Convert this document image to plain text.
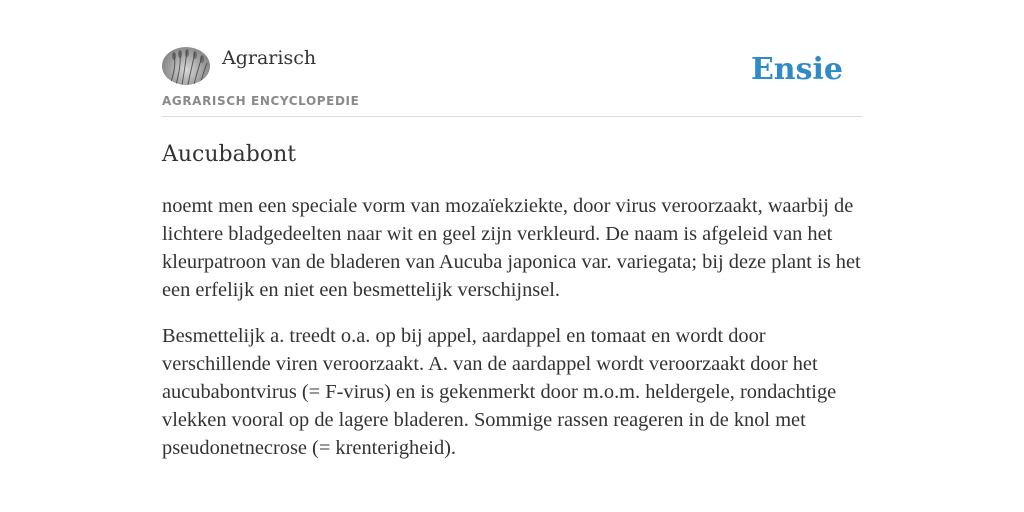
Agrarisch
AGRARISCH ENCYCLOPEDIE
Ensie
Aucubabont

noemt men een speciale vorm van mozaïekziekte, door virus veroorzaakt, waarbij de lichtere bladgedeelten naar wit en geel zijn verkleurd. De naam is afgeleid van het kleurpatroon van de bladeren van Aucuba japonica var. variegata; bij deze plant is het een erfelijk en niet een besmettelijk verschijnsel.

Besmettelijk a. treedt o.a. op bij appel, aardappel en tomaat en wordt door verschillende viren veroorzaakt. A. van de aardappel wordt veroorzaakt door het aucubabontvirus (= F-virus) en is gekenmerkt door m.o.m. heldergele, rondachtige vlekken vooral op de lagere bladeren. Sommige rassen reageren in de knol met pseudonetnecrose (= krenterigheid).
